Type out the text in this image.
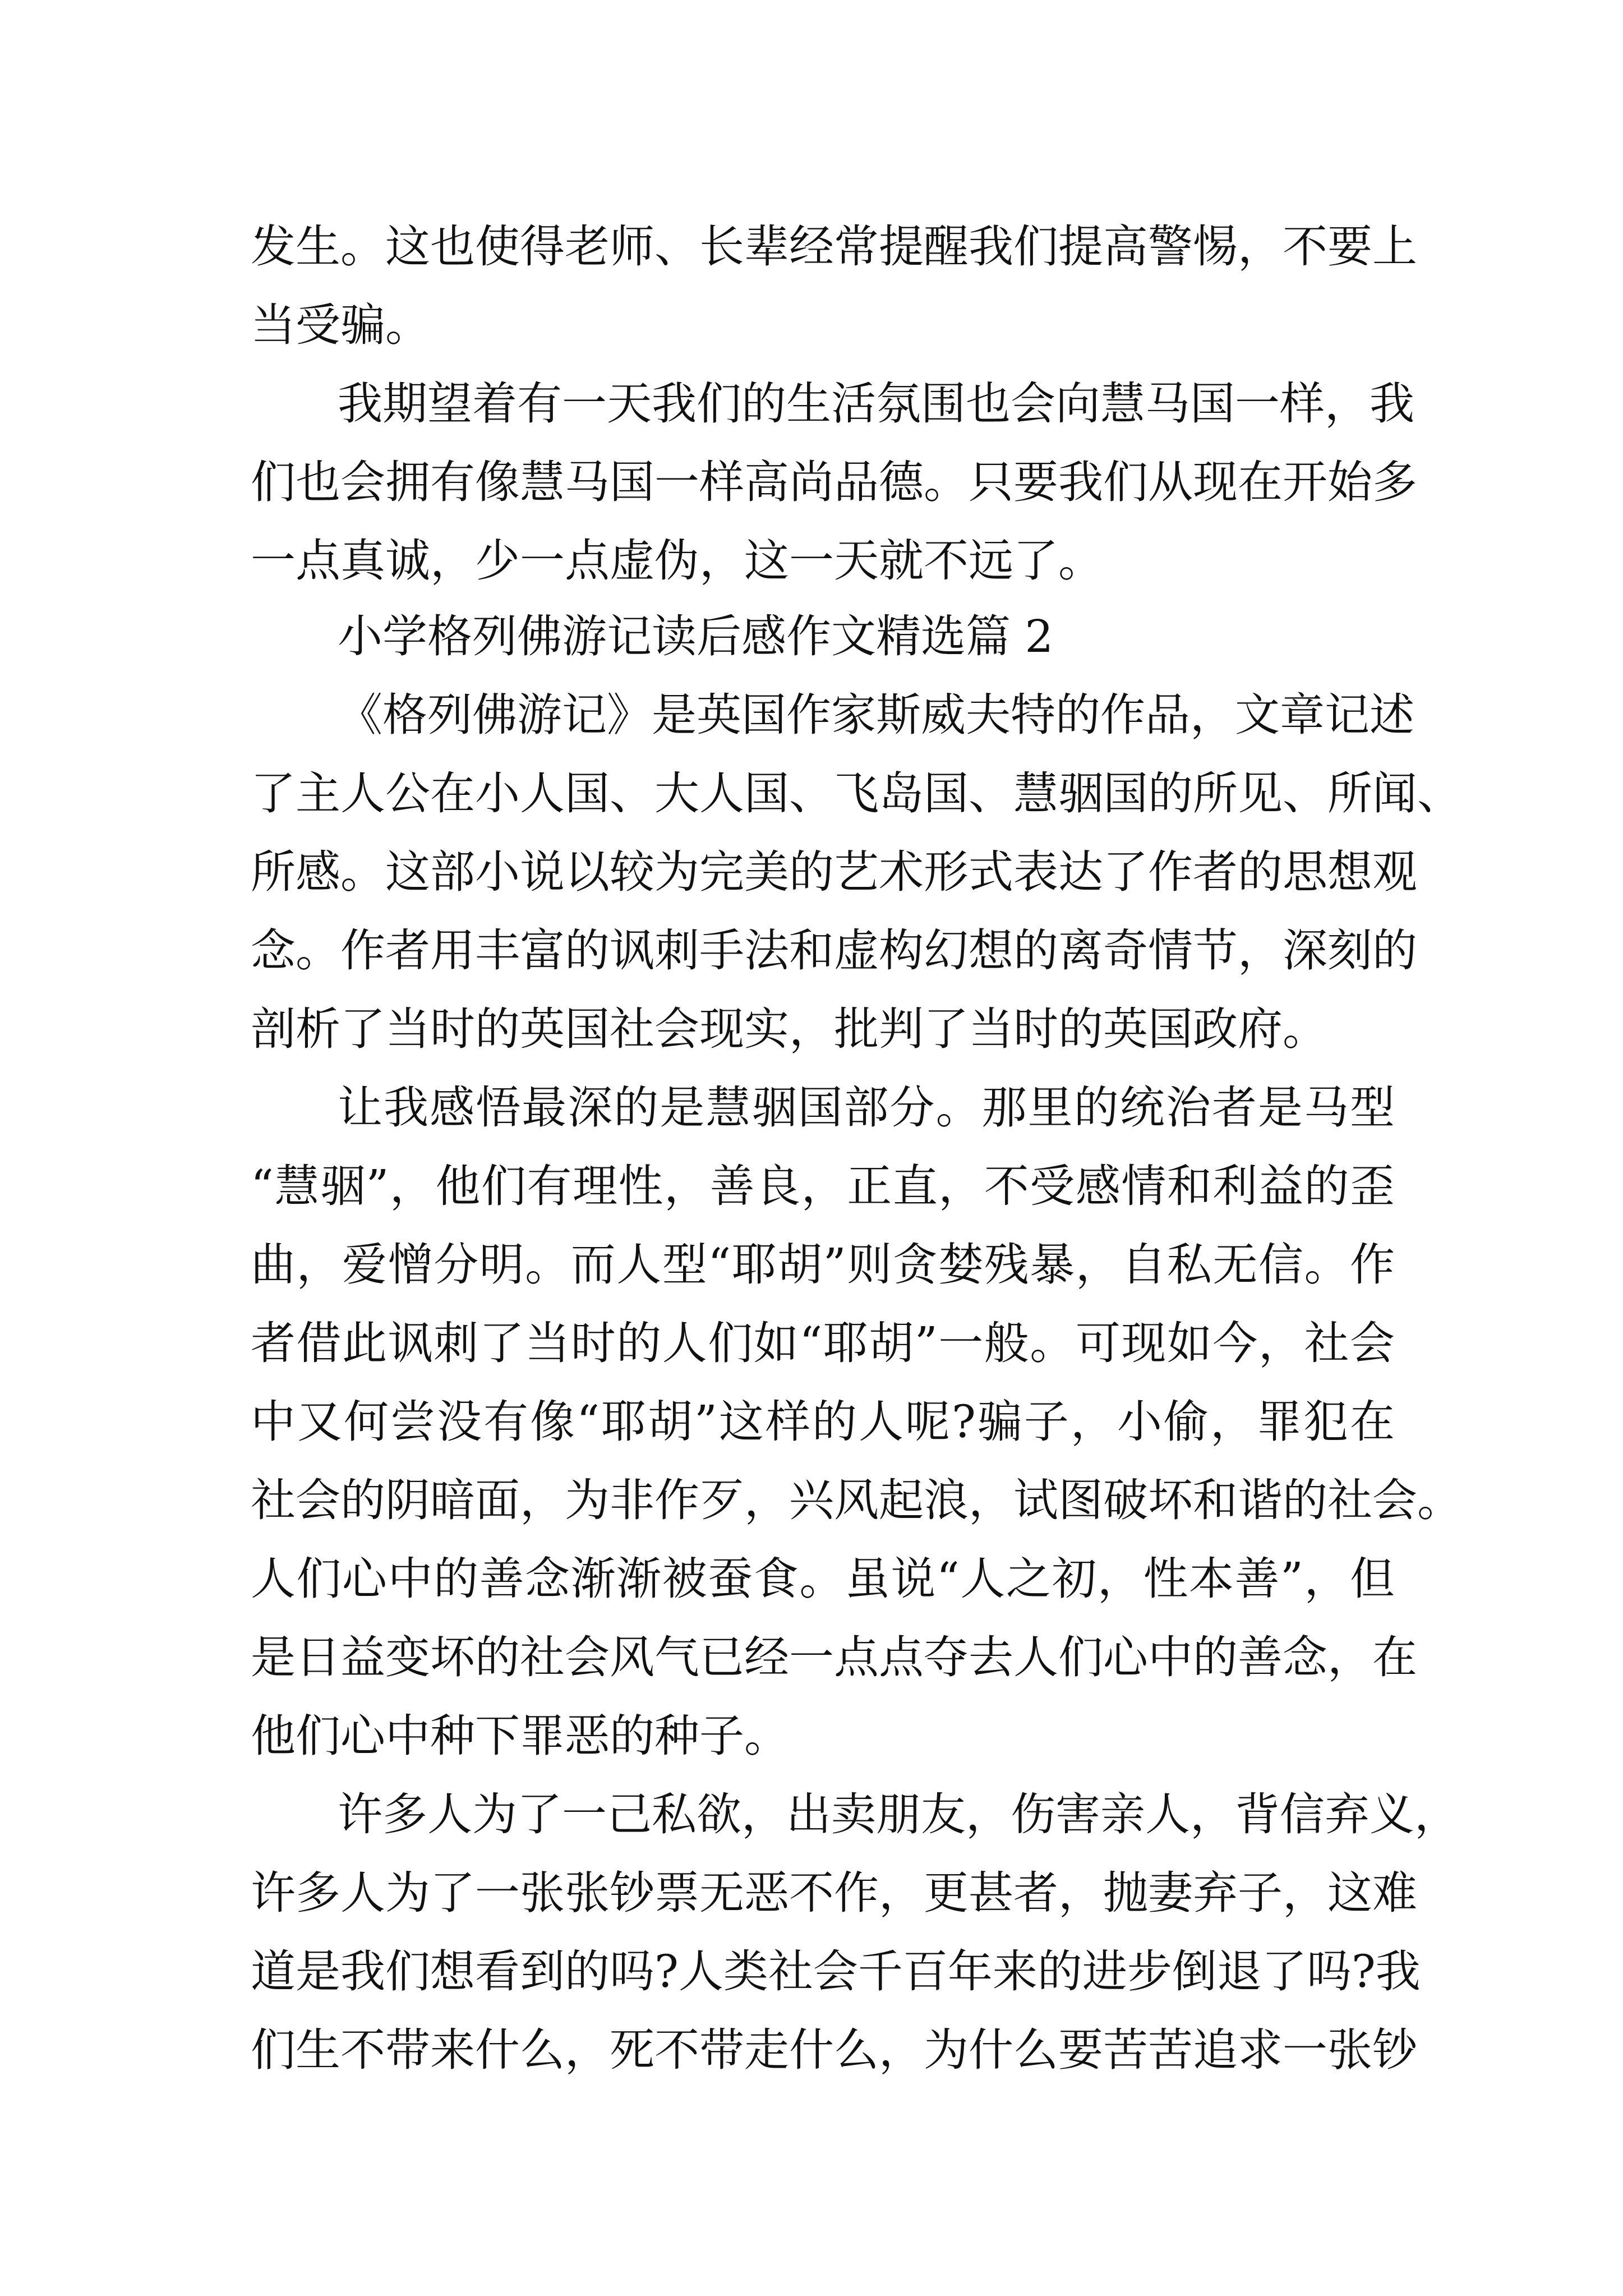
发生。这也使得老师、长辈经常提醒我们提高警惕，不要上
当受骗。
我期望着有一天我们的生活氛围也会向慧马国一样，我
们也会拥有像慧马国一样高尚品德。只要我们从现在开始多
一点真诚，少一点虚伪，这一天就不远了。
小学格列佛游记读后感作文精选篇 2
《格列佛游记》是英国作家斯威夫特的作品，文章记述
了主人公在小人国、大人国、飞岛国、慧骃国的所见、所闻、
所感。这部小说以较为完美的艺术形式表达了作者的思想观
念。作者用丰富的讽刺手法和虚构幻想的离奇情节，深刻的
剖析了当时的英国社会现实，批判了当时的英国政府。
让我感悟最深的是慧骃国部分。那里的统治者是马型
“慧骃”，他们有理性，善良，正直，不受感情和利益的歪
曲，爱憎分明。而人型“耶胡”则贪婪残暴，自私无信。作
者借此讽刺了当时的人们如“耶胡”一般。可现如今，社会
中又何尝没有像“耶胡”这样的人呢?骗子，小偷，罪犯在
社会的阴暗面，为非作歹，兴风起浪，试图破坏和谐的社会。
人们心中的善念渐渐被蚕食。虽说“人之初，性本善”，但
是日益变坏的社会风气已经一点点夺去人们心中的善念，在
他们心中种下罪恶的种子。
许多人为了一己私欲，出卖朋友，伤害亲人，背信弃义，
许多人为了一张张钞票无恶不作，更甚者，抛妻弃子，这难
道是我们想看到的吗?人类社会千百年来的进步倒退了吗?我
们生不带来什么，死不带走什么，为什么要苦苦追求一张钞
